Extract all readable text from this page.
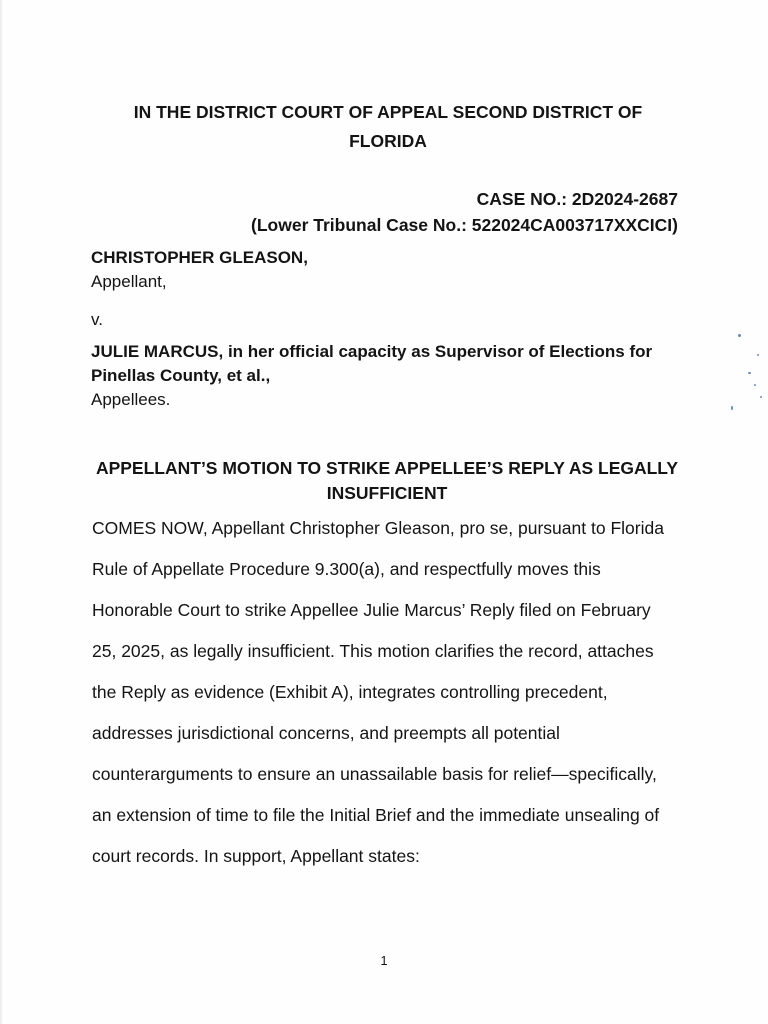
IN THE DISTRICT COURT OF APPEAL SECOND DISTRICT OF
FLORIDA
CASE NO.: 2D2024-2687
(Lower Tribunal Case No.: 522024CA003717XXCICI)
CHRISTOPHER GLEASON,
Appellant,
v.
JULIE MARCUS, in her official capacity as Supervisor of Elections for
Pinellas County, et al.,
Appellees.
APPELLANT’S MOTION TO STRIKE APPELLEE’S REPLY AS LEGALLY
INSUFFICIENT
COMES NOW, Appellant Christopher Gleason, pro se, pursuant to Florida
Rule of Appellate Procedure 9.300(a), and respectfully moves this
Honorable Court to strike Appellee Julie Marcus’ Reply filed on February
25, 2025, as legally insufficient. This motion clarifies the record, attaches
the Reply as evidence (Exhibit A), integrates controlling precedent,
addresses jurisdictional concerns, and preempts all potential
counterarguments to ensure an unassailable basis for relief—specifically,
an extension of time to file the Initial Brief and the immediate unsealing of
court records. In support, Appellant states:
1
